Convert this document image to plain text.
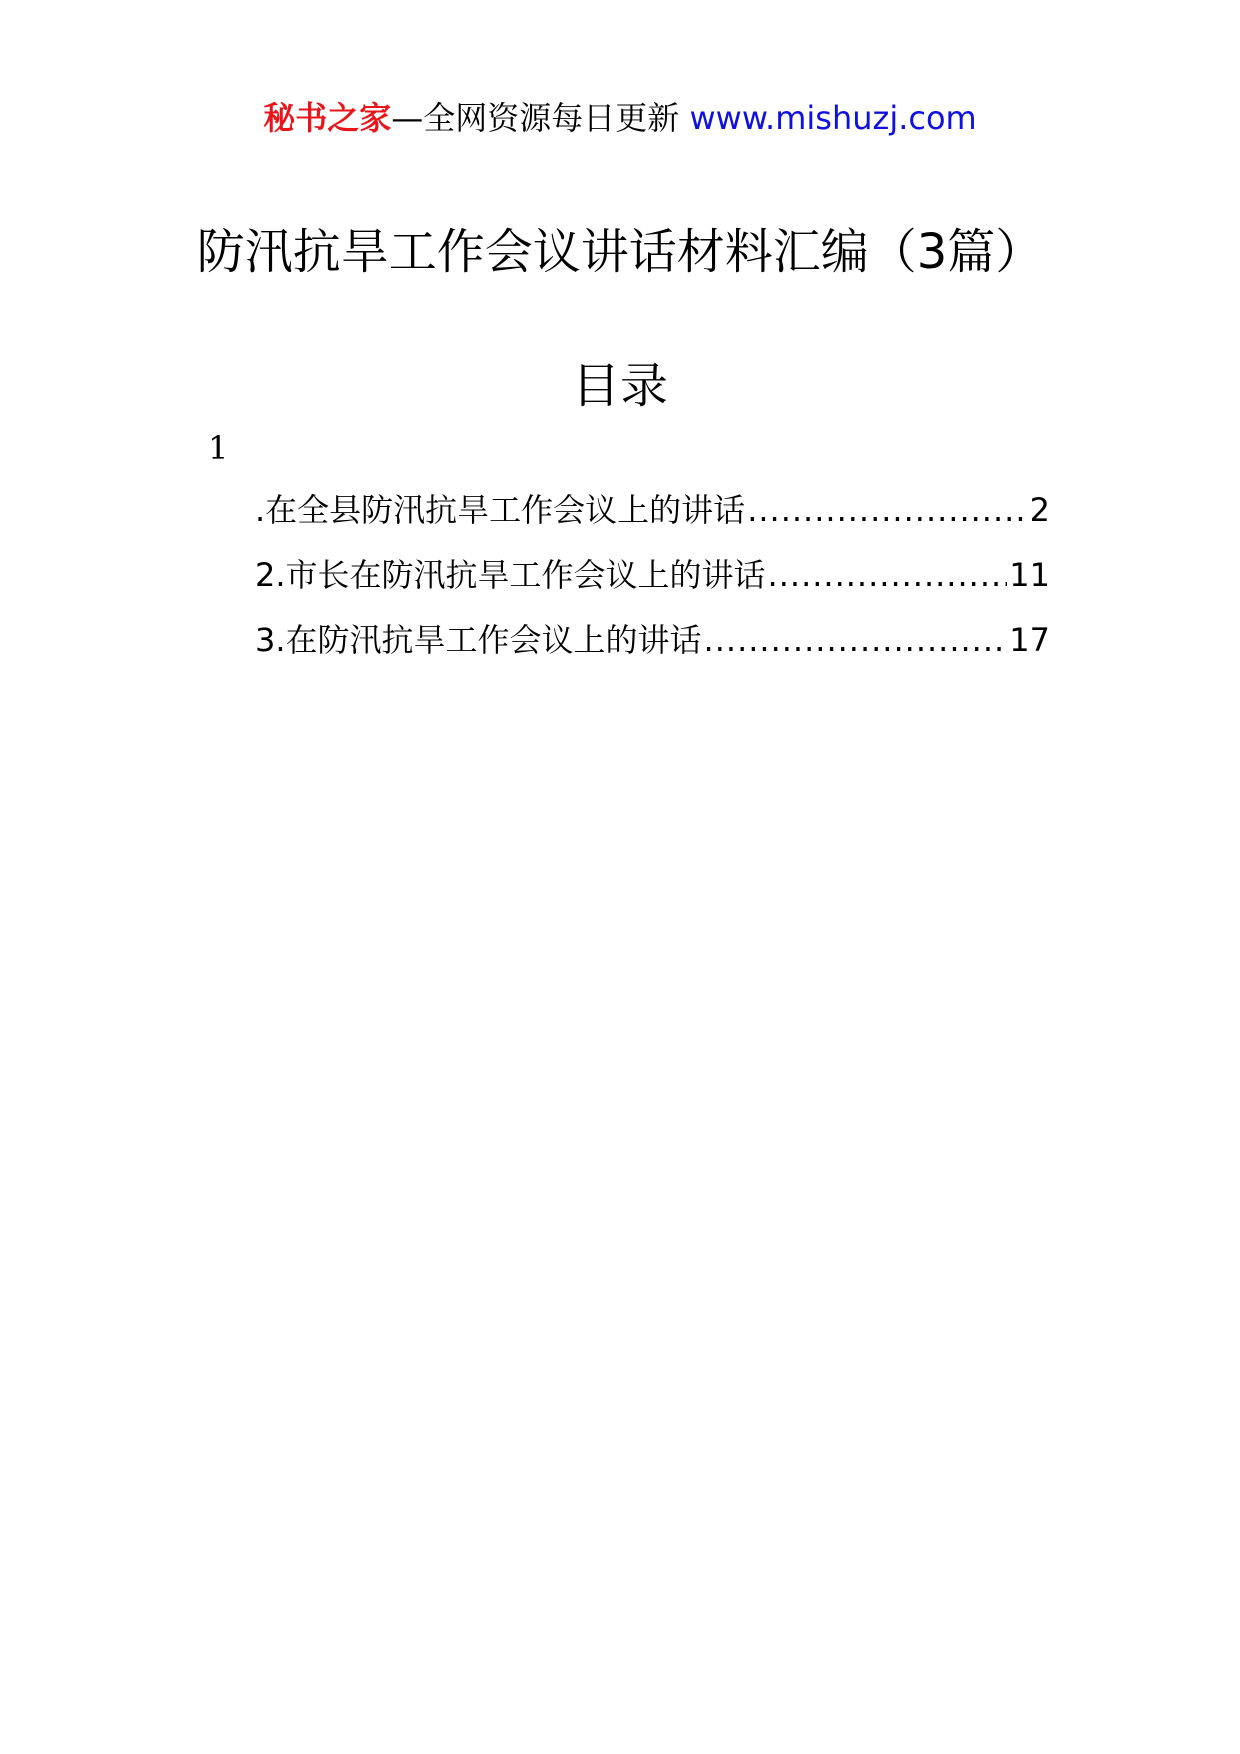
秘书之家—全网资源每日更新 www.mishuzj.com
防汛抗旱工作会议讲话材料汇编（3篇）
目录
1
.在全县防汛抗旱工作会议上的讲话 .....	2
2.市长在防汛抗旱工作会议上的讲话 .....	11
3.在防汛抗旱工作会议上的讲话 .....	17
